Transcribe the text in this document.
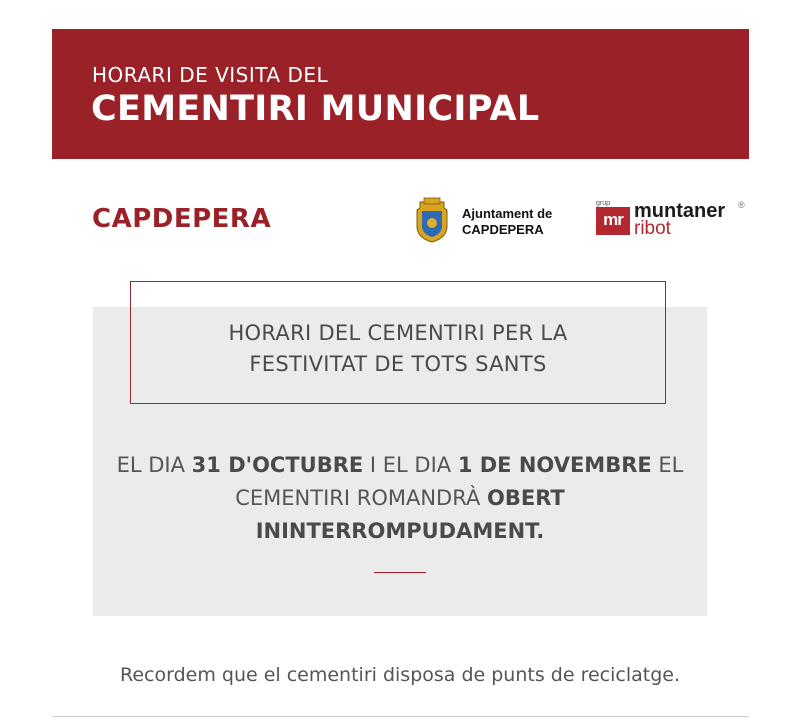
HORARI DE VISITA DEL
CEMENTIRI MUNICIPAL
CAPDEPERA	Ajuntament de
CAPDEPERA
grup
mr muntaner
ribot
®
HORARI DEL CEMENTIRI PER LA
FESTIVITAT DE TOTS SANTS
EL DIA 31 D'OCTUBRE I EL DIA 1 DE NOVEMBRE EL CEMENTIRI ROMANDRÀ OBERT ININTERROMPUDAMENT.
Recordem que el cementiri disposa de punts de reciclatge.
